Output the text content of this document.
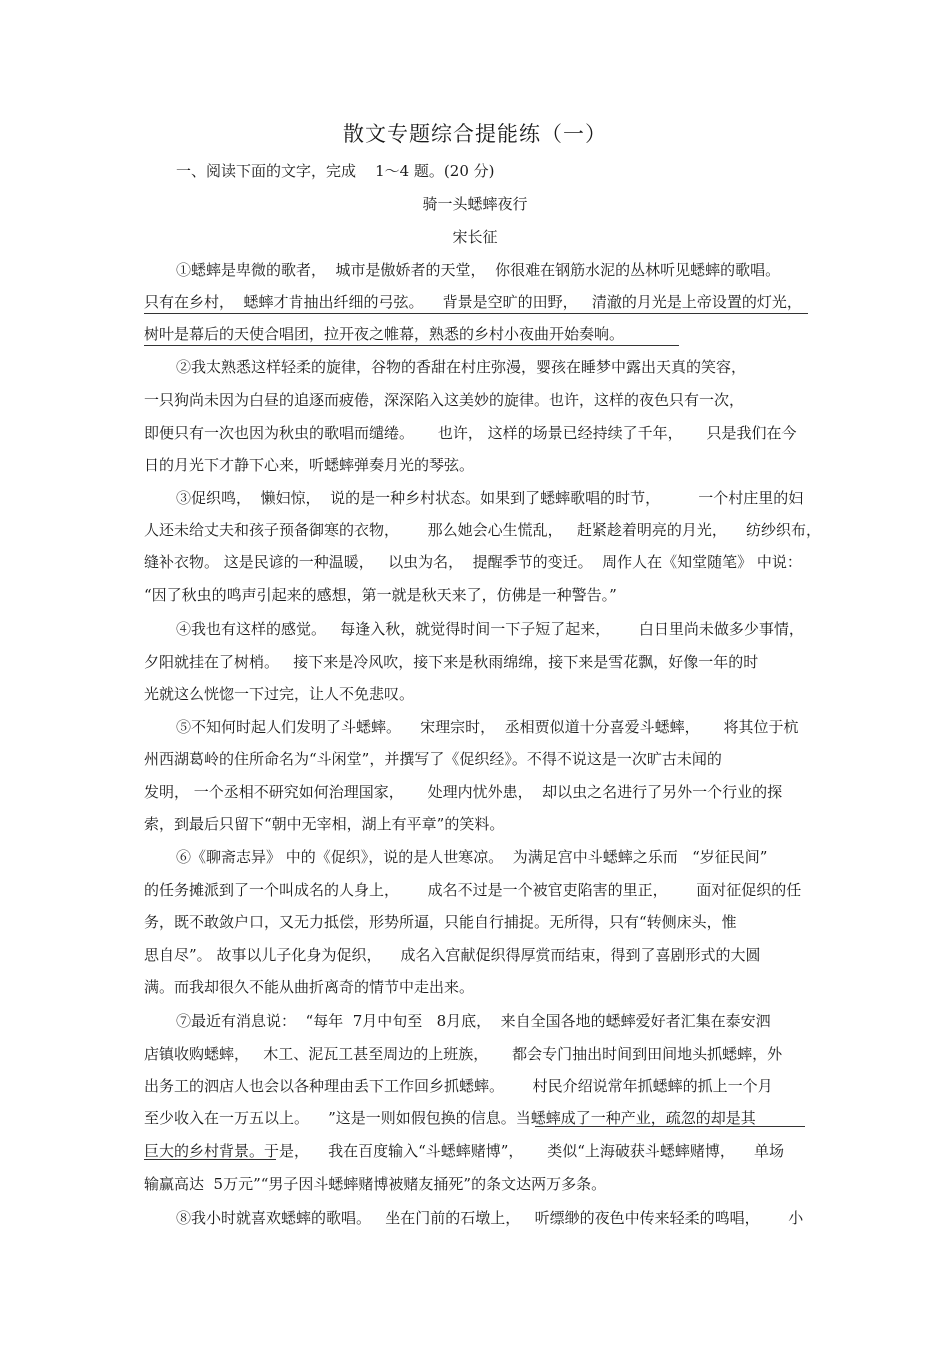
散文专题综合提能练（一）
一、阅读下面的文字，完成    1～4 题。(20 分)
骑一头蟋蟀夜行
宋长征
①蟋蟀是卑微的歌者，  城市是傲娇者的天堂，  你很难在钢筋水泥的丛林听见蟋蟀的歌唱。
只有在乡村，  蟋蟀才肯抽出纤细的弓弦。    背景是空旷的田野，   清澈的月光是上帝设置的灯光，
树叶是幕后的天使合唱团，拉开夜之帷幕，熟悉的乡村小夜曲开始奏响。
②我太熟悉这样轻柔的旋律，谷物的香甜在村庄弥漫，婴孩在睡梦中露出天真的笑容，
一只狗尚未因为白昼的追逐而疲倦，深深陷入这美妙的旋律。也许，这样的夜色只有一次，
即便只有一次也因为秋虫的歌唱而缱绻。     也许， 这样的场景已经持续了千年，     只是我们在今
日的月光下才静下心来，听蟋蟀弹奏月光的琴弦。
③促织鸣，  懒妇惊，  说的是一种乡村状态。如果到了蟋蟀歌唱的时节，        一个村庄里的妇
人还未给丈夫和孩子预备御寒的衣物，      那么她会心生慌乱，   赶紧趁着明亮的月光，    纺纱织布，
缝补衣物。 这是民谚的一种温暖，   以虫为名，  提醒季节的变迁。  周作人在《知堂随笔》 中说：
“因了秋虫的鸣声引起来的感想，第一就是秋天来了，仿佛是一种警告。”
④我也有这样的感觉。   每逢入秋，就觉得时间一下子短了起来，      白日里尚未做多少事情，
夕阳就挂在了树梢。   接下来是冷风吹，接下来是秋雨绵绵，接下来是雪花飘，好像一年的时
光就这么恍惚一下过完，让人不免悲叹。
⑤不知何时起人们发明了斗蟋蟀。    宋理宗时，  丞相贾似道十分喜爱斗蟋蟀，     将其位于杭
州西湖葛岭的住所命名为“斗闲堂”，并撰写了《促织经》。不得不说这是一次旷古未闻的
发明， 一个丞相不研究如何治理国家，     处理内忧外患，  却以虫之名进行了另外一个行业的探
索，到最后只留下“朝中无宰相，湖上有平章”的笑料。
⑥《聊斋志异》 中的《促织》，说的是人世寒凉。  为满足宫中斗蟋蟀之乐而   “岁征民间”
的任务摊派到了一个叫成名的人身上，      成名不过是一个被官吏陷害的里正，      面对征促织的任
务，既不敢敛户口，又无力抵偿，形势所逼，只能自行捕捉。无所得，只有“转侧床头，惟
思自尽”。 故事以儿子化身为促织，    成名入宫献促织得厚赏而结束，得到了喜剧形式的大圆
满。而我却很久不能从曲折离奇的情节中走出来。
⑦最近有消息说：  “每年  7月中旬至   8月底，  来自全国各地的蟋蟀爱好者汇集在泰安泗
店镇收购蟋蟀，   木工、泥瓦工甚至周边的上班族，     都会专门抽出时间到田间地头抓蟋蟀，外
出务工的泗店人也会以各种理由丢下工作回乡抓蟋蟀。      村民介绍说常年抓蟋蟀的抓上一个月
至少收入在一万五以上。    ”这是一则如假包换的信息。当蟋蟀成了一种产业，疏忽的却是其
巨大的乡村背景。于是，    我在百度输入“斗蟋蟀赌博”，     类似“上海破获斗蟋蟀赌博，    单场
输赢高达  5万元”“男子因斗蟋蟀赌博被赌友捅死”的条文达两万多条。
⑧我小时就喜欢蟋蟀的歌唱。   坐在门前的石墩上，   听缥缈的夜色中传来轻柔的鸣唱，      小
